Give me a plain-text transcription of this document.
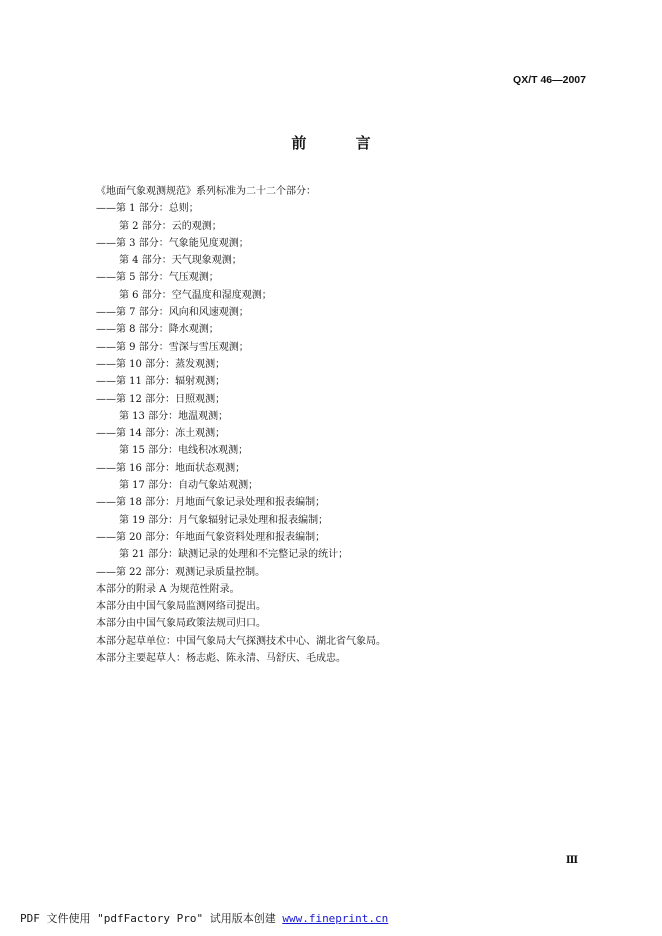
QX/T 46—2007
前 言
《地面气象观测规范》系列标准为二十二个部分：
——第 1 部分：总则；
第 2 部分：云的观测；
——第 3 部分：气象能见度观测；
第 4 部分：天气现象观测；
——第 5 部分：气压观测；
第 6 部分：空气温度和湿度观测；
——第 7 部分：风向和风速观测；
——第 8 部分：降水观测；
——第 9 部分：雪深与雪压观测；
——第 10 部分：蒸发观测；
——第 11 部分：辐射观测；
——第 12 部分：日照观测；
第 13 部分：地温观测；
——第 14 部分：冻土观测；
第 15 部分：电线积冰观测；
——第 16 部分：地面状态观测；
第 17 部分：自动气象站观测；
——第 18 部分：月地面气象记录处理和报表编制；
第 19 部分：月气象辐射记录处理和报表编制；
——第 20 部分：年地面气象资料处理和报表编制；
第 21 部分：缺测记录的处理和不完整记录的统计；
——第 22 部分：观测记录质量控制。
本部分的附录 A 为规范性附录。
本部分由中国气象局监测网络司提出。
本部分由中国气象局政策法规司归口。
本部分起草单位：中国气象局大气探测技术中心、湖北省气象局。
本部分主要起草人：杨志彪、陈永清、马舒庆、毛成忠。
Ⅲ
PDF 文件使用 "pdfFactory Pro" 试用版本创建 www.fineprint.cn
